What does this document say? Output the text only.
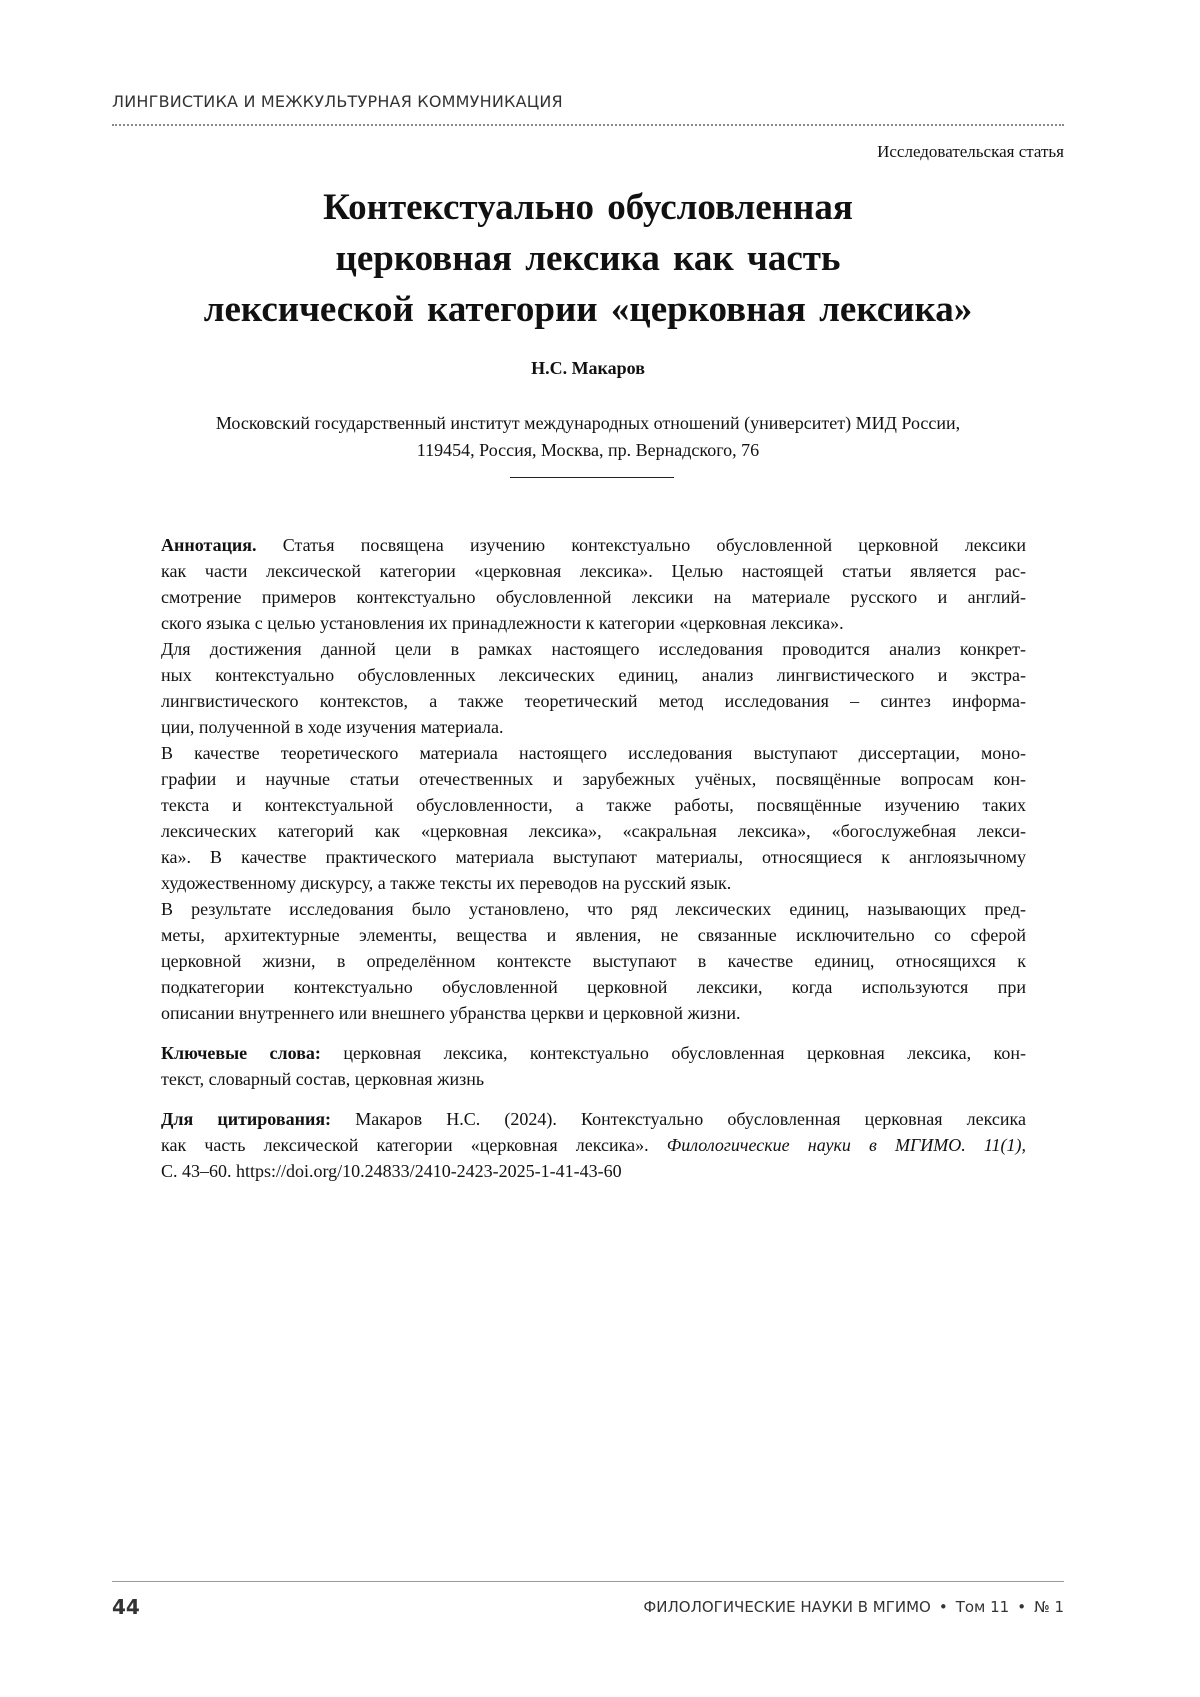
ЛИНГВИСТИКА И МЕЖКУЛЬТУРНАЯ КОММУНИКАЦИЯ
Исследовательская статья
Контекстуально обусловленная
церковная лексика как часть
лексической категории «церковная лексика»
Н.С. Макаров
Московский государственный институт международных отношений (университет) МИД России,
119454, Россия, Москва, пр. Вернадского, 76

Аннотация. Статья посвящена изучению контекстуально обусловленной церковной лексики
как части лексической категории «церковная лексика». Целью настоящей статьи является рас-
смотрение примеров контекстуально обусловленной лексики на материале русского и англий-
ского языка с целью установления их принадлежности к категории «церковная лексика».

Для достижения данной цели в рамках настоящего исследования проводится анализ конкрет-
ных контекстуально обусловленных лексических единиц, анализ лингвистического и экстра-
лингвистического контекстов, а также теоретический метод исследования – синтез информа-
ции, полученной в ходе изучения материала.

В качестве теоретического материала настоящего исследования выступают диссертации, моно-
графии и научные статьи отечественных и зарубежных учёных, посвящённые вопросам кон-
текста и контекстуальной обусловленности, а также работы, посвящённые изучению таких
лексических категорий как «церковная лексика», «сакральная лексика», «богослужебная лекси-
ка». В качестве практического материала выступают материалы, относящиеся к англоязычному
художественному дискурсу, а также тексты их переводов на русский язык.

В результате исследования было установлено, что ряд лексических единиц, называющих пред-
меты, архитектурные элементы, вещества и явления, не связанные исключительно со сферой
церковной жизни, в определённом контексте выступают в качестве единиц, относящихся к
подкатегории контекстуально обусловленной церковной лексики, когда используются при
описании внутреннего или внешнего убранства церкви и церковной жизни.

Ключевые слова: церковная лексика, контекстуально обусловленная церковная лексика, кон-
текст, словарный состав, церковная жизнь

Для цитирования: Макаров Н.С. (2024). Контекстуально обусловленная церковная лексика
как часть лексической категории «церковная лексика». Филологические науки в МГИМО. 11(1),
С. 43–60. https://doi.org/10.24833/2410-2423-2025-1-41-43-60

44	ФИЛОЛОГИЧЕСКИЕ НАУКИ В МГИМО • Том 11 • № 1
